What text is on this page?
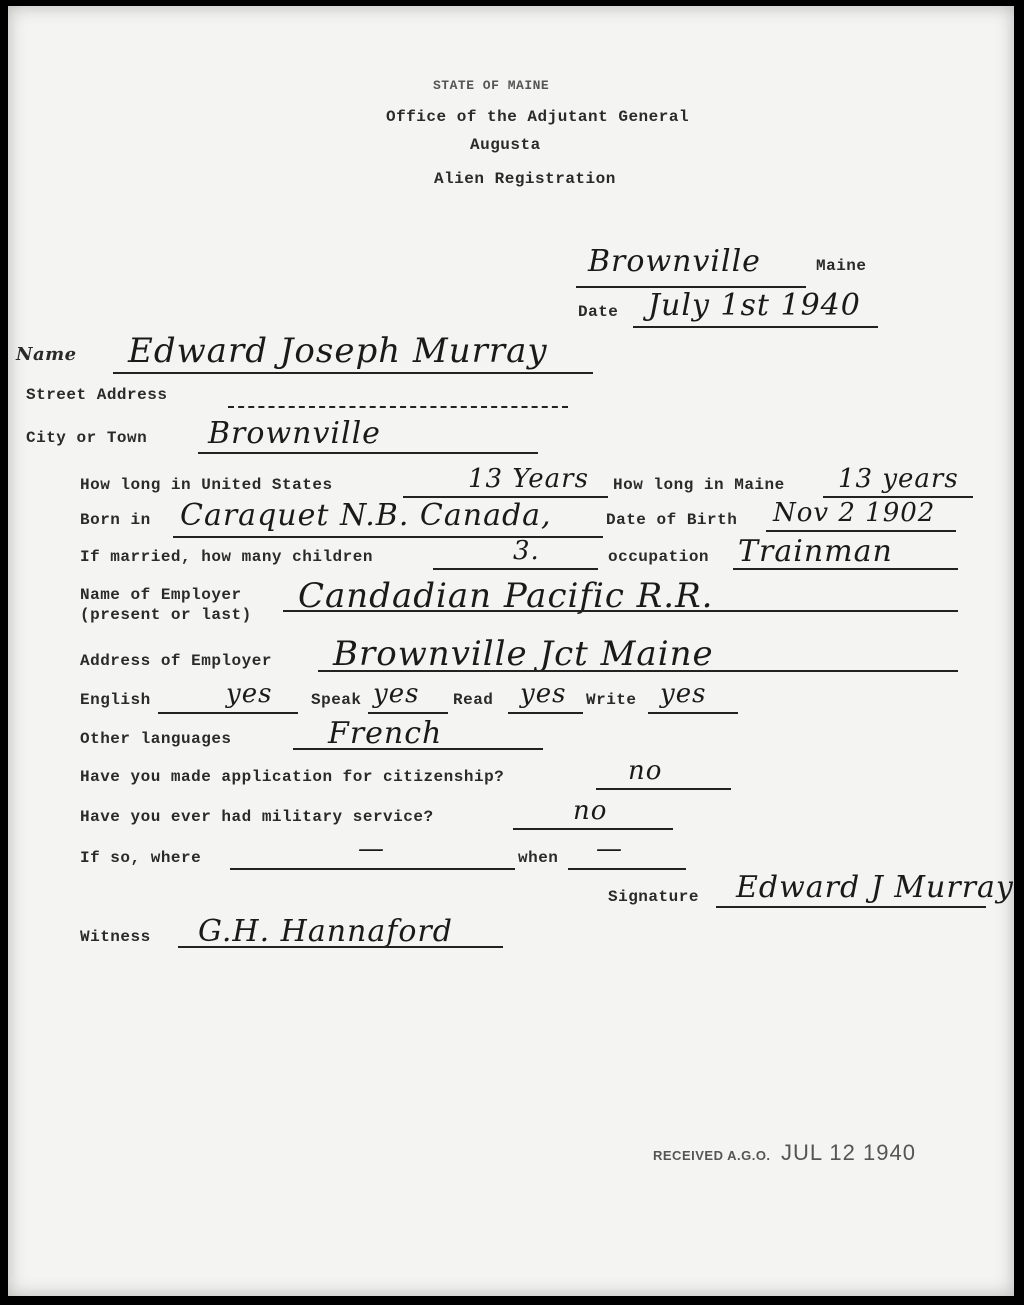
STATE OF MAINE
Office of the Adjutant General
Augusta
Alien Registration
Brownville	Maine
Date July 1st 1940
Name Edward Joseph Murray
Street Address
City or Town Brownville
How long in United States	13 Years How long in Maine 13 years
Born in Caraquet N.B. Canada,	Date of Birth Nov 2 1902
If married, how many children	3.	occupation Trainman
Name of Employer
(present or last) Candadian Pacific R.R.
Address of Employer Brownville Jct Maine
English	yes Speak yes Read yes Write yes
Other languages	French
Have you made application for citizenship?	no
Have you ever had military service?	no
If so, where	—	when —
Signature Edward J Murray
Witness G.H. Hannaford
RECEIVED A.G.O. JUL 12 1940
